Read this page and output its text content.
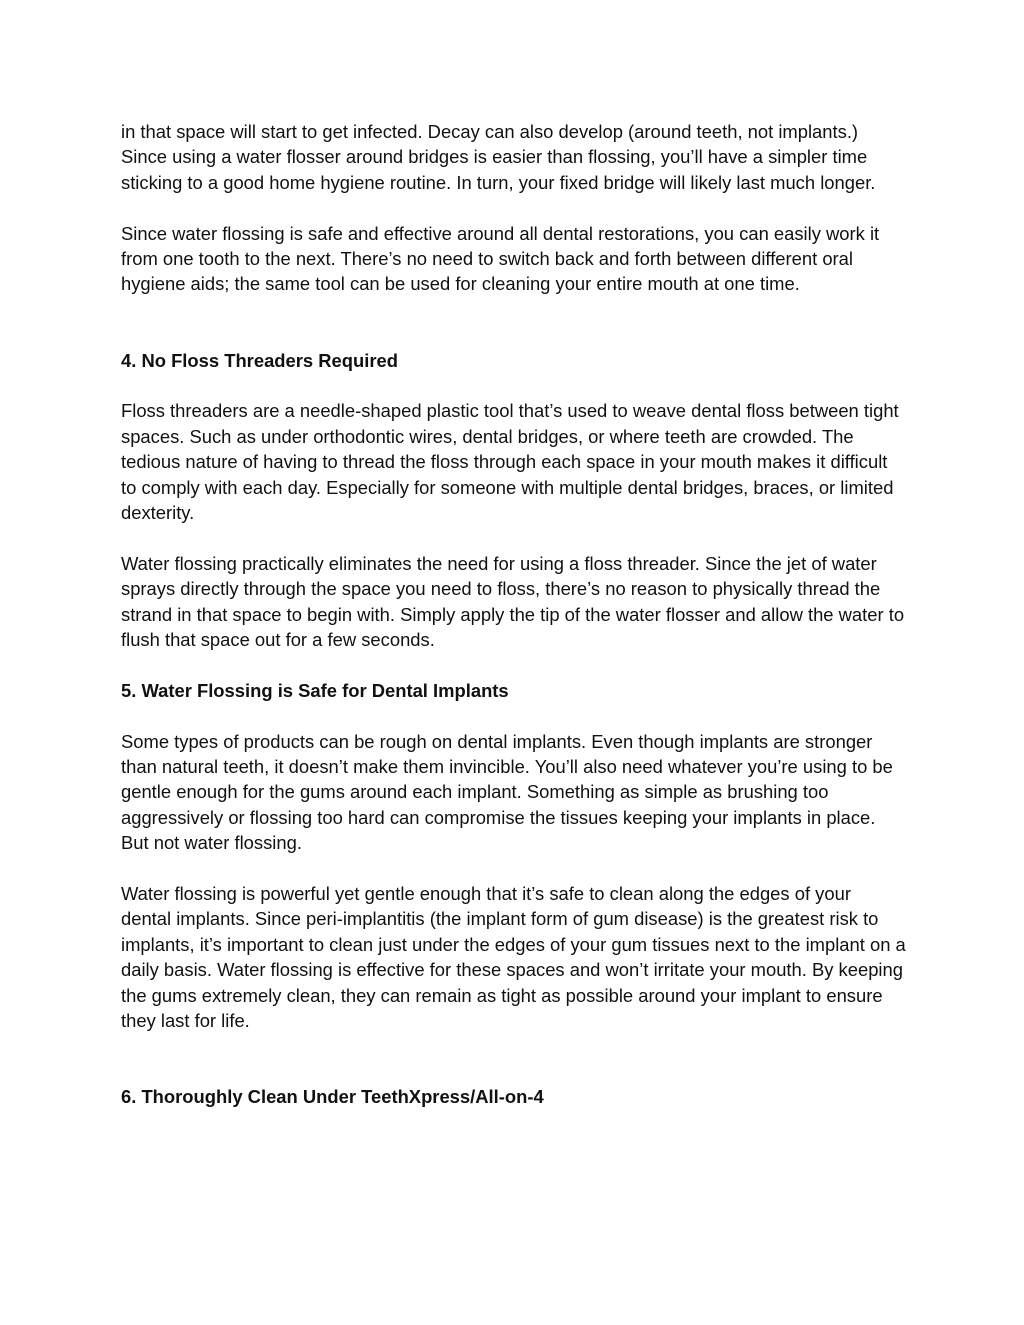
in that space will start to get infected. Decay can also develop (around teeth, not implants.) Since using a water flosser around bridges is easier than flossing, you’ll have a simpler time sticking to a good home hygiene routine. In turn, your fixed bridge will likely last much longer.

Since water flossing is safe and effective around all dental restorations, you can easily work it from one tooth to the next. There’s no need to switch back and forth between different oral hygiene aids; the same tool can be used for cleaning your entire mouth at one time.

4. No Floss Threaders Required

Floss threaders are a needle-shaped plastic tool that’s used to weave dental floss between tight spaces. Such as under orthodontic wires, dental bridges, or where teeth are crowded. The tedious nature of having to thread the floss through each space in your mouth makes it difficult to comply with each day. Especially for someone with multiple dental bridges, braces, or limited dexterity.

Water flossing practically eliminates the need for using a floss threader. Since the jet of water sprays directly through the space you need to floss, there’s no reason to physically thread the strand in that space to begin with. Simply apply the tip of the water flosser and allow the water to flush that space out for a few seconds.

5. Water Flossing is Safe for Dental Implants

Some types of products can be rough on dental implants. Even though implants are stronger than natural teeth, it doesn’t make them invincible. You’ll also need whatever you’re using to be gentle enough for the gums around each implant. Something as simple as brushing too aggressively or flossing too hard can compromise the tissues keeping your implants in place. But not water flossing.

Water flossing is powerful yet gentle enough that it’s safe to clean along the edges of your dental implants. Since peri-implantitis (the implant form of gum disease) is the greatest risk to implants, it’s important to clean just under the edges of your gum tissues next to the implant on a daily basis. Water flossing is effective for these spaces and won’t irritate your mouth. By keeping the gums extremely clean, they can remain as tight as possible around your implant to ensure they last for life.

6. Thoroughly Clean Under TeethXpress/All-on-4
